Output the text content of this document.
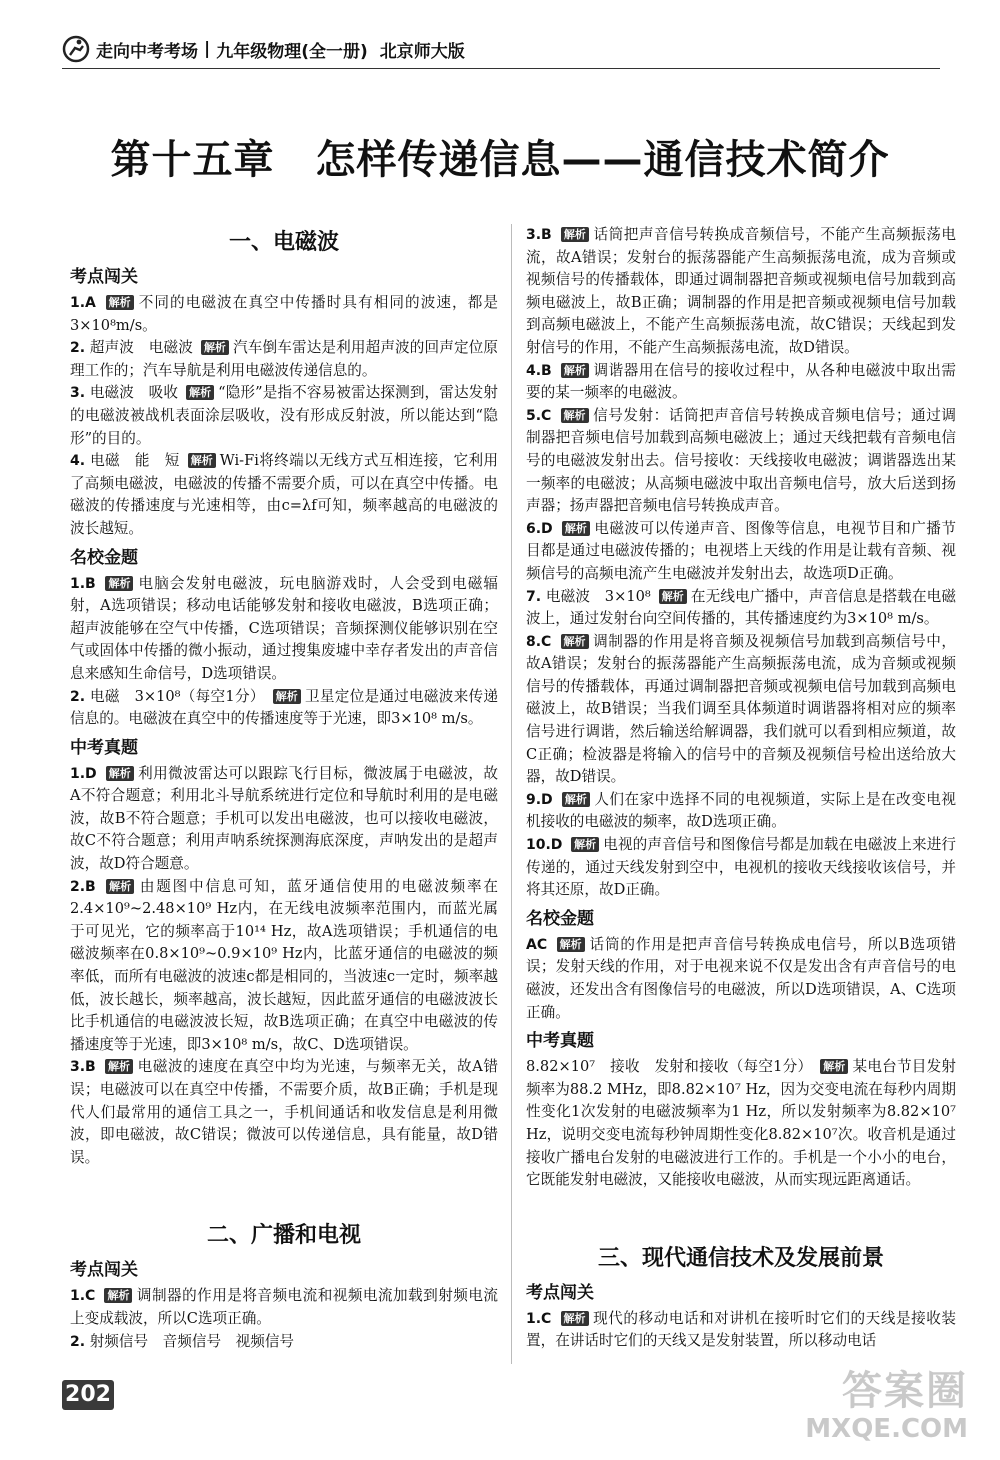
走向中考考场 | 九年级物理(全一册) 北京师大版
第十五章　怎样传递信息——通信技术简介
一、电磁波
考点闯关

1.A 解析 不同的电磁波在真空中传播时具有相同的波速，都是3×10⁸m/s。

2. 超声波　电磁波 解析 汽车倒车雷达是利用超声波的回声定位原理工作的；汽车导航是利用电磁波传递信息的。

3. 电磁波　吸收 解析 “隐形”是指不容易被雷达探测到，雷达发射的电磁波被战机表面涂层吸收，没有形成反射波，所以能达到“隐形”的目的。

4. 电磁　能　短 解析 Wi-Fi将终端以无线方式互相连接，它利用了高频电磁波，电磁波的传播不需要介质，可以在真空中传播。电磁波的传播速度与光速相等，由c=λf可知，频率越高的电磁波的波长越短。

名校金题

1.B 解析 电脑会发射电磁波，玩电脑游戏时，人会受到电磁辐射，A选项错误；移动电话能够发射和接收电磁波，B选项正确；超声波能够在空气中传播，C选项错误；音频探测仪能够识别在空气或固体中传播的微小振动，通过搜集废墟中幸存者发出的声音信息来感知生命信号，D选项错误。

2. 电磁　3×10⁸（每空1分） 解析 卫星定位是通过电磁波来传递信息的。电磁波在真空中的传播速度等于光速，即3×10⁸ m/s。

中考真题

1.D 解析 利用微波雷达可以跟踪飞行目标，微波属于电磁波，故A不符合题意；利用北斗导航系统进行定位和导航时利用的是电磁波，故B不符合题意；手机可以发出电磁波，也可以接收电磁波，故C不符合题意；利用声呐系统探测海底深度，声呐发出的是超声波，故D符合题意。

2.B 解析 由题图中信息可知，蓝牙通信使用的电磁波频率在2.4×10⁹~2.48×10⁹ Hz内，在无线电波频率范围内，而蓝光属于可见光，它的频率高于10¹⁴ Hz，故A选项错误；手机通信的电磁波频率在0.8×10⁹~0.9×10⁹ Hz内，比蓝牙通信的电磁波的频率低，而所有电磁波的波速c都是相同的，当波速c一定时，频率越低，波长越长，频率越高，波长越短，因此蓝牙通信的电磁波波长比手机通信的电磁波波长短，故B选项正确；在真空中电磁波的传播速度等于光速，即3×10⁸ m/s，故C、D选项错误。

3.B 解析 电磁波的速度在真空中均为光速，与频率无关，故A错误；电磁波可以在真空中传播，不需要介质，故B正确；手机是现代人们最常用的通信工具之一，手机间通话和收发信息是利用微波，即电磁波，故C错误；微波可以传递信息，具有能量，故D错误。

二、广播和电视
考点闯关

1.C 解析 调制器的作用是将音频电流和视频电流加载到射频电流上变成载波，所以C选项正确。

2. 射频信号　音频信号　视频信号

3.B 解析 话筒把声音信号转换成音频信号，不能产生高频振荡电流，故A错误；发射台的振荡器能产生高频振荡电流，成为音频或视频信号的传播载体，即通过调制器把音频或视频电信号加载到高频电磁波上，故B正确；调制器的作用是把音频或视频电信号加载到高频电磁波上，不能产生高频振荡电流，故C错误；天线起到发射信号的作用，不能产生高频振荡电流，故D错误。

4.B 解析 调谐器用在信号的接收过程中，从各种电磁波中取出需要的某一频率的电磁波。

5.C 解析 信号发射：话筒把声音信号转换成音频电信号；通过调制器把音频电信号加载到高频电磁波上；通过天线把载有音频电信号的电磁波发射出去。信号接收：天线接收电磁波；调谐器选出某一频率的电磁波；从高频电磁波中取出音频电信号，放大后送到扬声器；扬声器把音频电信号转换成声音。

6.D 解析 电磁波可以传递声音、图像等信息，电视节目和广播节目都是通过电磁波传播的；电视塔上天线的作用是让载有音频、视频信号的高频电流产生电磁波并发射出去，故选项D正确。

7. 电磁波　3×10⁸ 解析 在无线电广播中，声音信息是搭载在电磁波上，通过发射台向空间传播的，其传播速度约为3×10⁸ m/s。

8.C 解析 调制器的作用是将音频及视频信号加载到高频信号中，故A错误；发射台的振荡器能产生高频振荡电流，成为音频或视频信号的传播载体，再通过调制器把音频或视频电信号加载到高频电磁波上，故B错误；当我们调至具体频道时调谐器将相对应的频率信号进行调谐，然后输送给解调器，我们就可以看到相应频道，故C正确；检波器是将输入的信号中的音频及视频信号检出送给放大器，故D错误。

9.D 解析 人们在家中选择不同的电视频道，实际上是在改变电视机接收的电磁波的频率，故D选项正确。

10.D 解析 电视的声音信号和图像信号都是加载在电磁波上来进行传递的，通过天线发射到空中，电视机的接收天线接收该信号，并将其还原，故D正确。

名校金题

AC 解析 话筒的作用是把声音信号转换成电信号，所以B选项错误；发射天线的作用，对于电视来说不仅是发出含有声音信号的电磁波，还发出含有图像信号的电磁波，所以D选项错误，A、C选项正确。

中考真题

8.82×10⁷　接收　发射和接收（每空1分） 解析 某电台节目发射频率为88.2 MHz，即8.82×10⁷ Hz，因为交变电流在每秒内周期性变化1次发射的电磁波频率为1 Hz，所以发射频率为8.82×10⁷ Hz，说明交变电流每秒钟周期性变化8.82×10⁷次。收音机是通过接收广播电台发射的电磁波进行工作的。手机是一个小小的电台，它既能发射电磁波，又能接收电磁波，从而实现远距离通话。

三、现代通信技术及发展前景
考点闯关

1.C 解析 现代的移动电话和对讲机在接听时它们的天线是接收装置，在讲话时它们的天线又是发射装置，所以移动电话

202	答案圈
MXQE.COM
